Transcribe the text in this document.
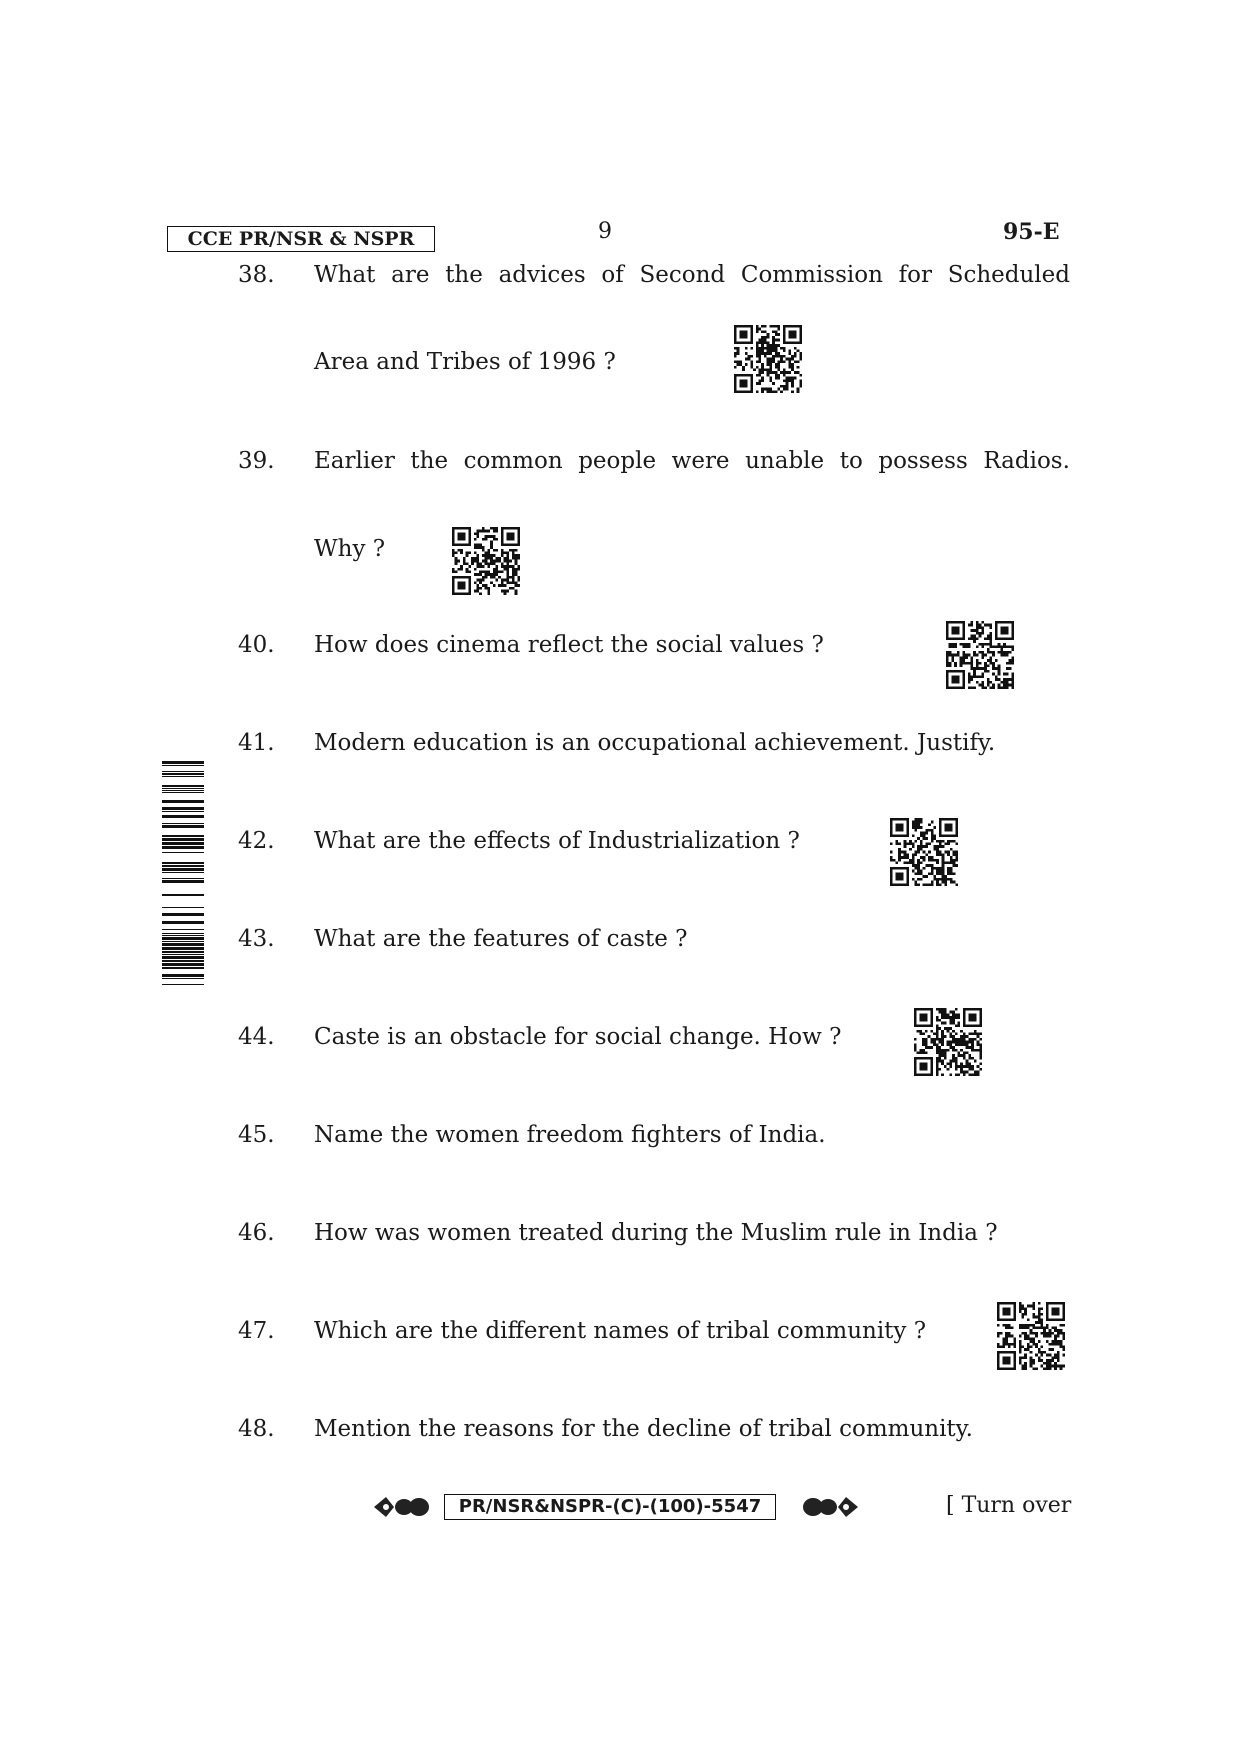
CCE PR/NSR & NSPR	9	95-E
38. What are the advices of Second Commission for Scheduled
Area and Tribes of 1996 ?
39. Earlier the common people were unable to possess Radios.
Why ?
40. How does cinema reflect the social values ?
41. Modern education is an occupational achievement. Justify.
42. What are the effects of Industrialization ?
43. What are the features of caste ?
44. Caste is an obstacle for social change. How ?
45. Name the women freedom fighters of India.
46. How was women treated during the Muslim rule in India ?
47. Which are the different names of tribal community ?
48. Mention the reasons for the decline of tribal community.
PR/NSR&NSPR-(C)-(100)-5547	[ Turn over
